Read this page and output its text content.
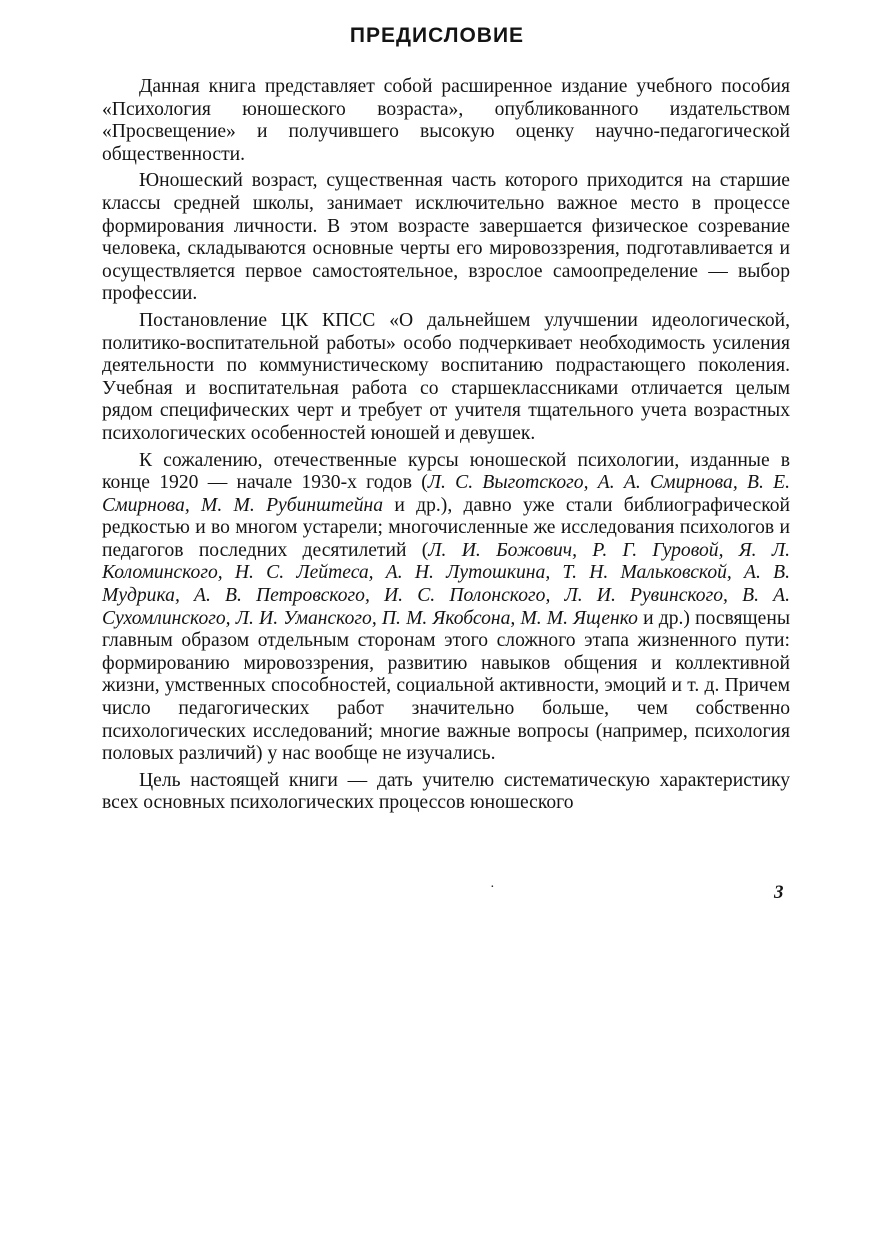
ПРЕДИСЛОВИЕ

Данная книга представляет собой расширенное издание учебного пособия «Психология юношеского возраста», опубликованного издательством «Просвещение» и получившего высокую оценку научно-педагогической общественности.

Юношеский возраст, существенная часть которого приходится на старшие классы средней школы, занимает исключительно важное место в процессе формирования личности. В этом возрасте завершается физическое созревание человека, складываются основные черты его мировоззрения, подготавливается и осуществляется первое самостоятельное, взрослое самоопределение — выбор профессии.

Постановление ЦК КПСС «О дальнейшем улучшении идеологической, политико-воспитательной работы» особо подчеркивает необходимость усиления деятельности по коммунистическому воспитанию подрастающего поколения. Учебная и воспитательная работа со старшеклассниками отличается целым рядом специфических черт и требует от учителя тщательного учета возрастных психологических особенностей юношей и девушек.

К сожалению, отечественные курсы юношеской психологии, изданные в конце 1920 — начале 1930-х годов (Л. С. Выготского, А. А. Смирнова, В. Е. Смирнова, М. М. Рубинштейна и др.), давно уже стали библиографической редкостью и во многом устарели; многочисленные же исследования психологов и педагогов последних десятилетий (Л. И. Божович, Р. Г. Гуровой, Я. Л. Коломинского, Н. С. Лейтеса, А. Н. Лутошкина, Т. Н. Мальковской, А. В. Мудрика, А. В. Петровского, И. С. Полонского, Л. И. Рувинского, В. А. Сухомлинского, Л. И. Уманского, П. М. Якобсона, М. М. Ященко и др.) посвящены главным образом отдельным сторонам этого сложного этапа жизненного пути: формированию мировоззрения, развитию навыков общения и коллективной жизни, умственных способностей, социальной активности, эмоций и т. д. Причем число педагогических работ значительно больше, чем собственно психологических исследований; многие важные вопросы (например, психология половых различий) у нас вообще не изучались.

Цель настоящей книги — дать учителю систематическую характеристику всех основных психологических процессов юношеского

·	3
